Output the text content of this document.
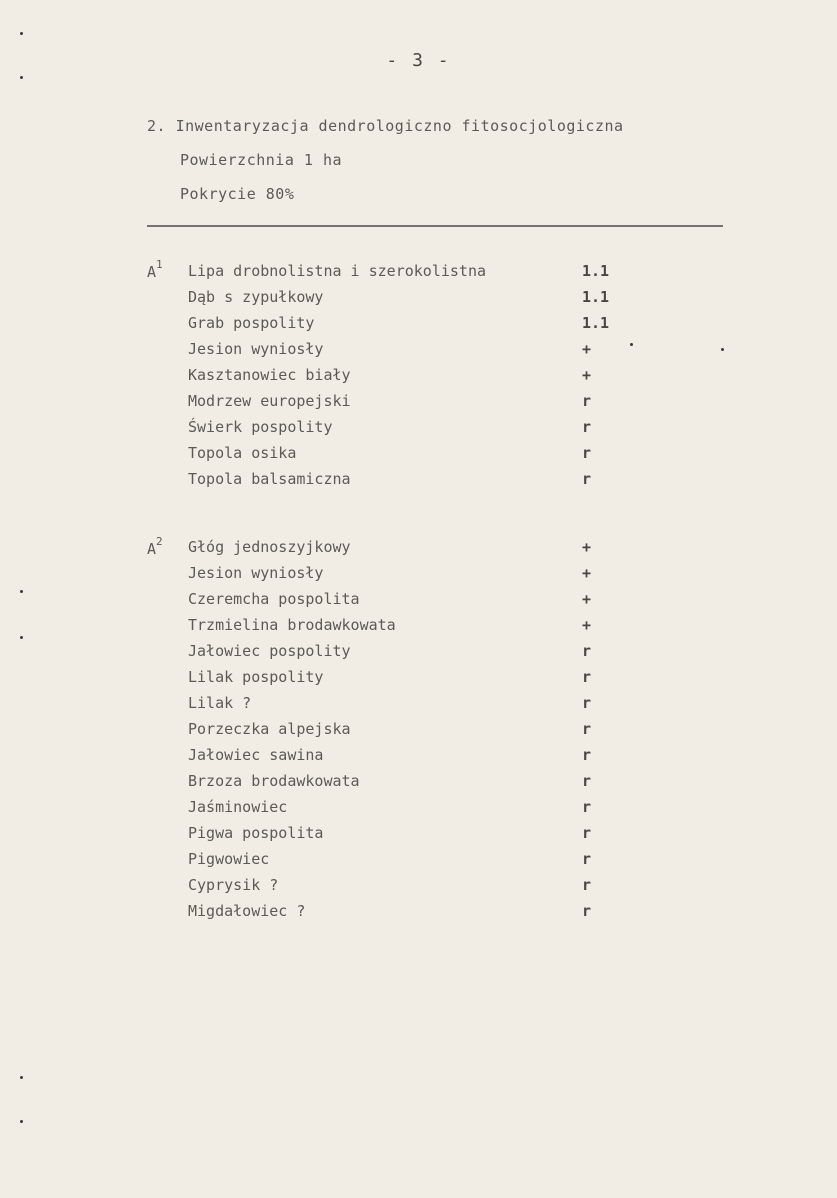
- 3 -
2. Inwentaryzacja dendrologiczno fitosocjologiczna
Powierzchnia 1 ha
Pokrycie 80%
$A^1$ Lipa drobnolistna i szerokolistna	1.1
Dąb s zypułkowy	1.1
Grab pospolity	1.1
Jesion wyniosły	+
Kasztanowiec biały	+
Modrzew europejski	r
Świerk pospolity	r
Topola osika	r
Topola balsamiczna	r
$A^2$ Głóg jednoszyjkowy	+
Jesion wyniosły	+
Czeremcha pospolita	+
Trzmielina brodawkowata	+
Jałowiec pospolity	r
Lilak pospolity	r
Lilak ?	r
Porzeczka alpejska	r
Jałowiec sawina	r
Brzoza brodawkowata	r
Jaśminowiec	r
Pigwa pospolita	r
Pigwowiec	r
Cyprysik ?	r
Migdałowiec ?	r
